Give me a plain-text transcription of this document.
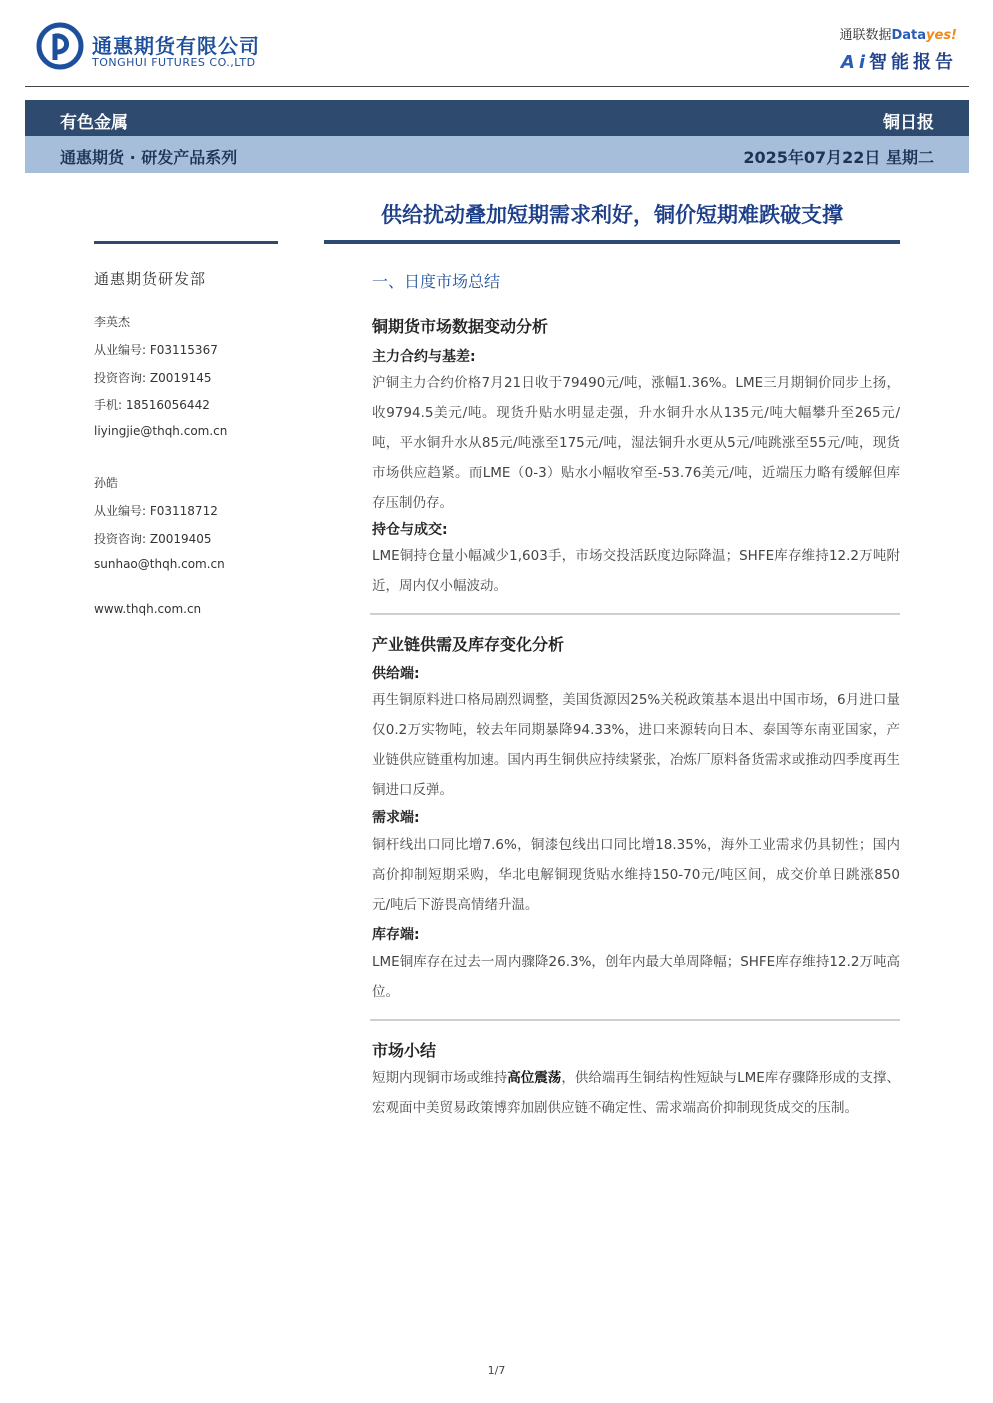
通惠期货有限公司
TONGHUI FUTURES CO.,LTD
通联数据Datayes!
Ai智能报告
有色金属	铜日报
通惠期货 · 研发产品系列	2025年07月22日 星期二
供给扰动叠加短期需求利好，铜价短期难跌破支撑
通惠期货研发部
李英杰
从业编号: F03115367
投资咨询: Z0019145
手机: 18516056442
liyingjie@thqh.com.cn
孙皓
从业编号: F03118712
投资咨询: Z0019405
sunhao@thqh.com.cn
www.thqh.com.cn
一、日度市场总结
铜期货市场数据变动分析
主力合约与基差:
沪铜主力合约价格7月21日收于79490元/吨，涨幅1.36%。LME三月期铜价同步上扬，收9794.5美元/吨。现货升贴水明显走强，升水铜升水从135元/吨大幅攀升至265元/吨，平水铜升水从85元/吨涨至175元/吨，湿法铜升水更从5元/吨跳涨至55元/吨，现货市场供应趋紧。而LME（0-3）贴水小幅收窄至-53.76美元/吨，近端压力略有缓解但库存压制仍存。
持仓与成交:
LME铜持仓量小幅减少1,603手，市场交投活跃度边际降温；SHFE库存维持12.2万吨附近，周内仅小幅波动。
产业链供需及库存变化分析
供给端:
再生铜原料进口格局剧烈调整，美国货源因25%关税政策基本退出中国市场，6月进口量仅0.2万实物吨，较去年同期暴降94.33%，进口来源转向日本、泰国等东南亚国家，产业链供应链重构加速。国内再生铜供应持续紧张，冶炼厂原料备货需求或推动四季度再生铜进口反弹。
需求端:
铜杆线出口同比增7.6%，铜漆包线出口同比增18.35%，海外工业需求仍具韧性；国内高价抑制短期采购，华北电解铜现货贴水维持150-70元/吨区间，成交价单日跳涨850元/吨后下游畏高情绪升温。
库存端:
LME铜库存在过去一周内骤降26.3%，创年内最大单周降幅；SHFE库存维持12.2万吨高位。
市场小结
短期内现铜市场或维持高位震荡，供给端再生铜结构性短缺与LME库存骤降形成的支撑、宏观面中美贸易政策博弈加剧供应链不确定性、需求端高价抑制现货成交的压制。
1/7
